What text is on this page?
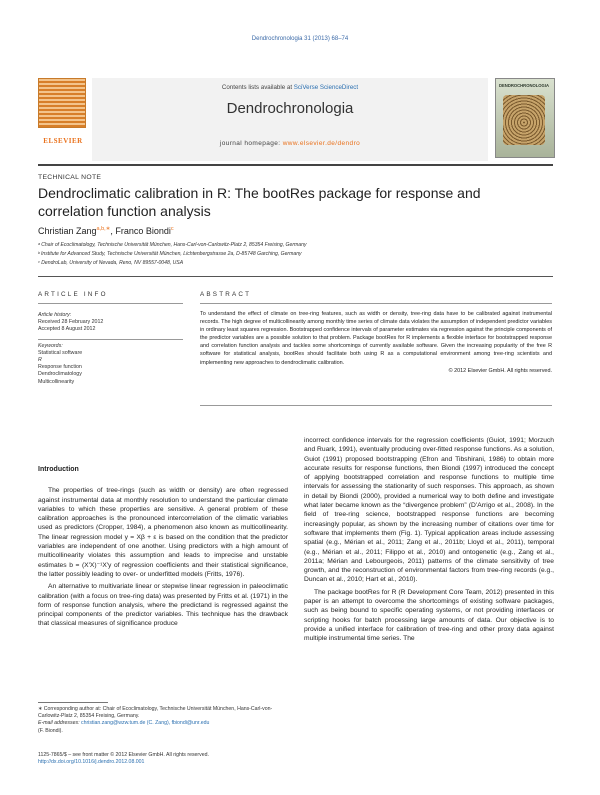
Dendrochronologia 31 (2013) 68–74
ELSEVIER
Contents lists available at SciVerse ScienceDirect
Dendrochronologia
journal homepage: www.elsevier.de/dendro
DENDROCHRONOLOGIA
TECHNICAL NOTE
Dendroclimatic calibration in R: The bootRes package for response and correlation function analysis
Christian Zang$^{a,b,∗}$, Franco Biondi$^c$
ᵃ Chair of Ecoclimatology, Technische Universität München, Hans-Carl-von-Carlowitz-Platz 2, 85354 Freising, Germany
ᵇ Institute for Advanced Study, Technische Universität München, Lichtenbergstrasse 2a, D-85748 Garching, Germany
ᶜ DendroLab, University of Nevada, Reno, NV 89557-0048, USA
ARTICLE INFO
Article history:
Received 28 February 2012
Accepted 8 August 2012
Keywords:
Statistical software
R
Response function
Dendroclimatology
Multicollinearity
ABSTRACT
To understand the effect of climate on tree-ring features, such as width or density, tree-ring data have to be calibrated against instrumental records. The high degree of multicollinearity among monthly time series of climate data violates the assumption of independent predictor variables in ordinary least squares regression. Bootstrapped confidence intervals of parameter estimates via regression against the principle components of the predictor variables are a possible solution to that problem. Package bootRes for R implements a flexible interface for bootstrapped response and correlation function analysis and tackles some shortcomings of currently available software. Given the increasing popularity of the free R software for statistical analysis, bootRes should facilitate both using R as a computational environment among tree-ring scientists and implementing new approaches to dendroclimatic calibration.
© 2012 Elsevier GmbH. All rights reserved.
Introduction

The properties of tree-rings (such as width or density) are often regressed against instrumental data at monthly resolution to understand the particular climate variables to which these properties are sensitive. A general problem of these calibration approaches is the pronounced intercorrelation of the climatic variables used as predictors (Cropper, 1984), a phenomenon also known as multicollinearity. The linear regression model y = Xβ + ε is based on the condition that the predictor variables are independent of one another. Using predictors with a high amount of multicollinearity violates this assumption and leads to imprecise and unstable estimates b = (X′X)⁻¹X′y of regression coefficients and their statistical significance, the latter possibly leading to over- or underfitted models (Fritts, 1976).

An alternative to multivariate linear or stepwise linear regression in paleoclimatic calibration (with a focus on tree-ring data) was presented by Fritts et al. (1971) in the form of response function analysis, where the predictand is regressed against the principal components of the predictor variables. This technique has the drawback that classical measures of significance produce

incorrect confidence intervals for the regression coefficients (Guiot, 1991; Morzuch and Ruark, 1991), eventually producing over-fitted response functions. As a solution, Guiot (1991) proposed bootstrapping (Efron and Tibshirani, 1986) to obtain more accurate results for response functions, then Biondi (1997) introduced the concept of applying bootstrapped correlation and response functions to multiple time intervals for assessing the stationarity of such responses. This approach, as shown in detail by Biondi (2000), provided a numerical way to both define and investigate what later became known as the “divergence problem” (D’Arrigo et al., 2008). In the field of tree-ring science, bootstrapped response functions are becoming increasingly popular, as shown by the increasing number of citations over time for software that implements them (Fig. 1). Typical application areas include assessing spatial (e.g., Mérian et al., 2011; Zang et al., 2011b; Lloyd et al., 2011), temporal (e.g., Mérian et al., 2011; Filippo et al., 2010) and ontogenetic (e.g., Zang et al., 2011a; Mérian and Lebourgeois, 2011) patterns of the climate sensitivity of tree growth, and the reconstruction of environmental factors from tree-ring records (e.g., Duncan et al., 2010; Hart et al., 2010).

The package bootRes for R (R Development Core Team, 2012) presented in this paper is an attempt to overcome the shortcomings of existing software packages, such as being bound to specific operating systems, or not providing interfaces or scripting hooks for batch processing large amounts of data. Our objective is to provide a unified interface for calibration of tree-ring and other proxy data against multiple instrumental time series. The

∗ Corresponding author at: Chair of Ecoclimatology, Technische Universität München, Hans-Carl-von-Carlowitz-Platz 2, 85354 Freising, Germany.
E-mail addresses: christian.zang@wzw.tum.de (C. Zang), fbiondi@unr.edu
(F. Biondi).
1125-7865/$ – see front matter © 2012 Elsevier GmbH. All rights reserved.
http://dx.doi.org/10.1016/j.dendro.2012.08.001
